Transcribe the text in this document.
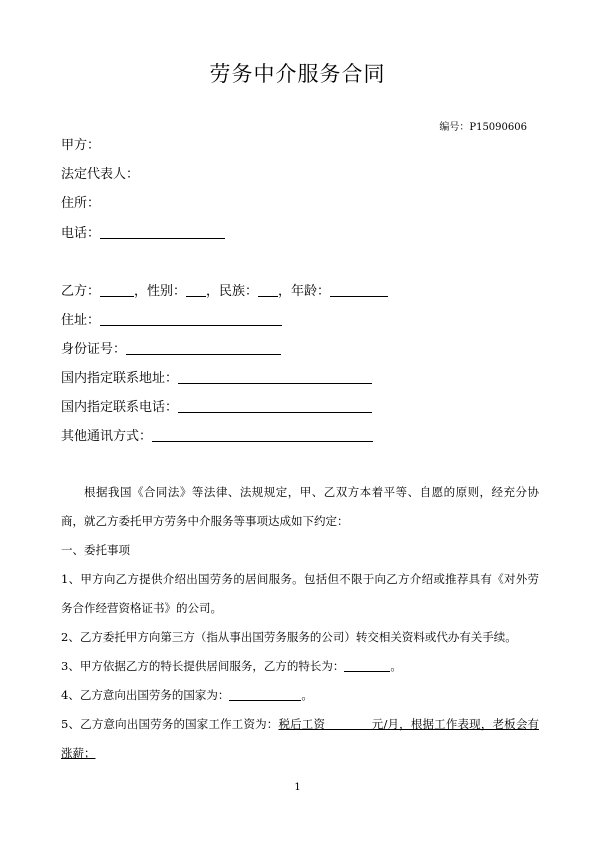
劳务中介服务合同
编号：P15090606
甲方：
法定代表人：
住所：
电话：
乙方：	，性别： ，民族： ，年龄：
住址：
身份证号：
国内指定联系地址：
国内指定联系电话：
其他通讯方式：
根据我国《合同法》等法律、法规规定，甲、乙双方本着平等、自愿的原则，经充分协商，就乙方委托甲方劳务中介服务等事项达成如下约定：
一、委托事项
1、甲方向乙方提供介绍出国劳务的居间服务。包括但不限于向乙方介绍或推荐具有《对外劳务合作经营资格证书》的公司。
2、乙方委托甲方向第三方（指从事出国劳务服务的公司）转交相关资料或代办有关手续。
3、甲方依据乙方的特长提供居间服务，乙方的特长为：	。
4、乙方意向出国劳务的国家为：	。
5、乙方意向出国劳务的国家工作工资为：税后工资　　　　元/月，根据工作表现，老板会有涨薪；
1
